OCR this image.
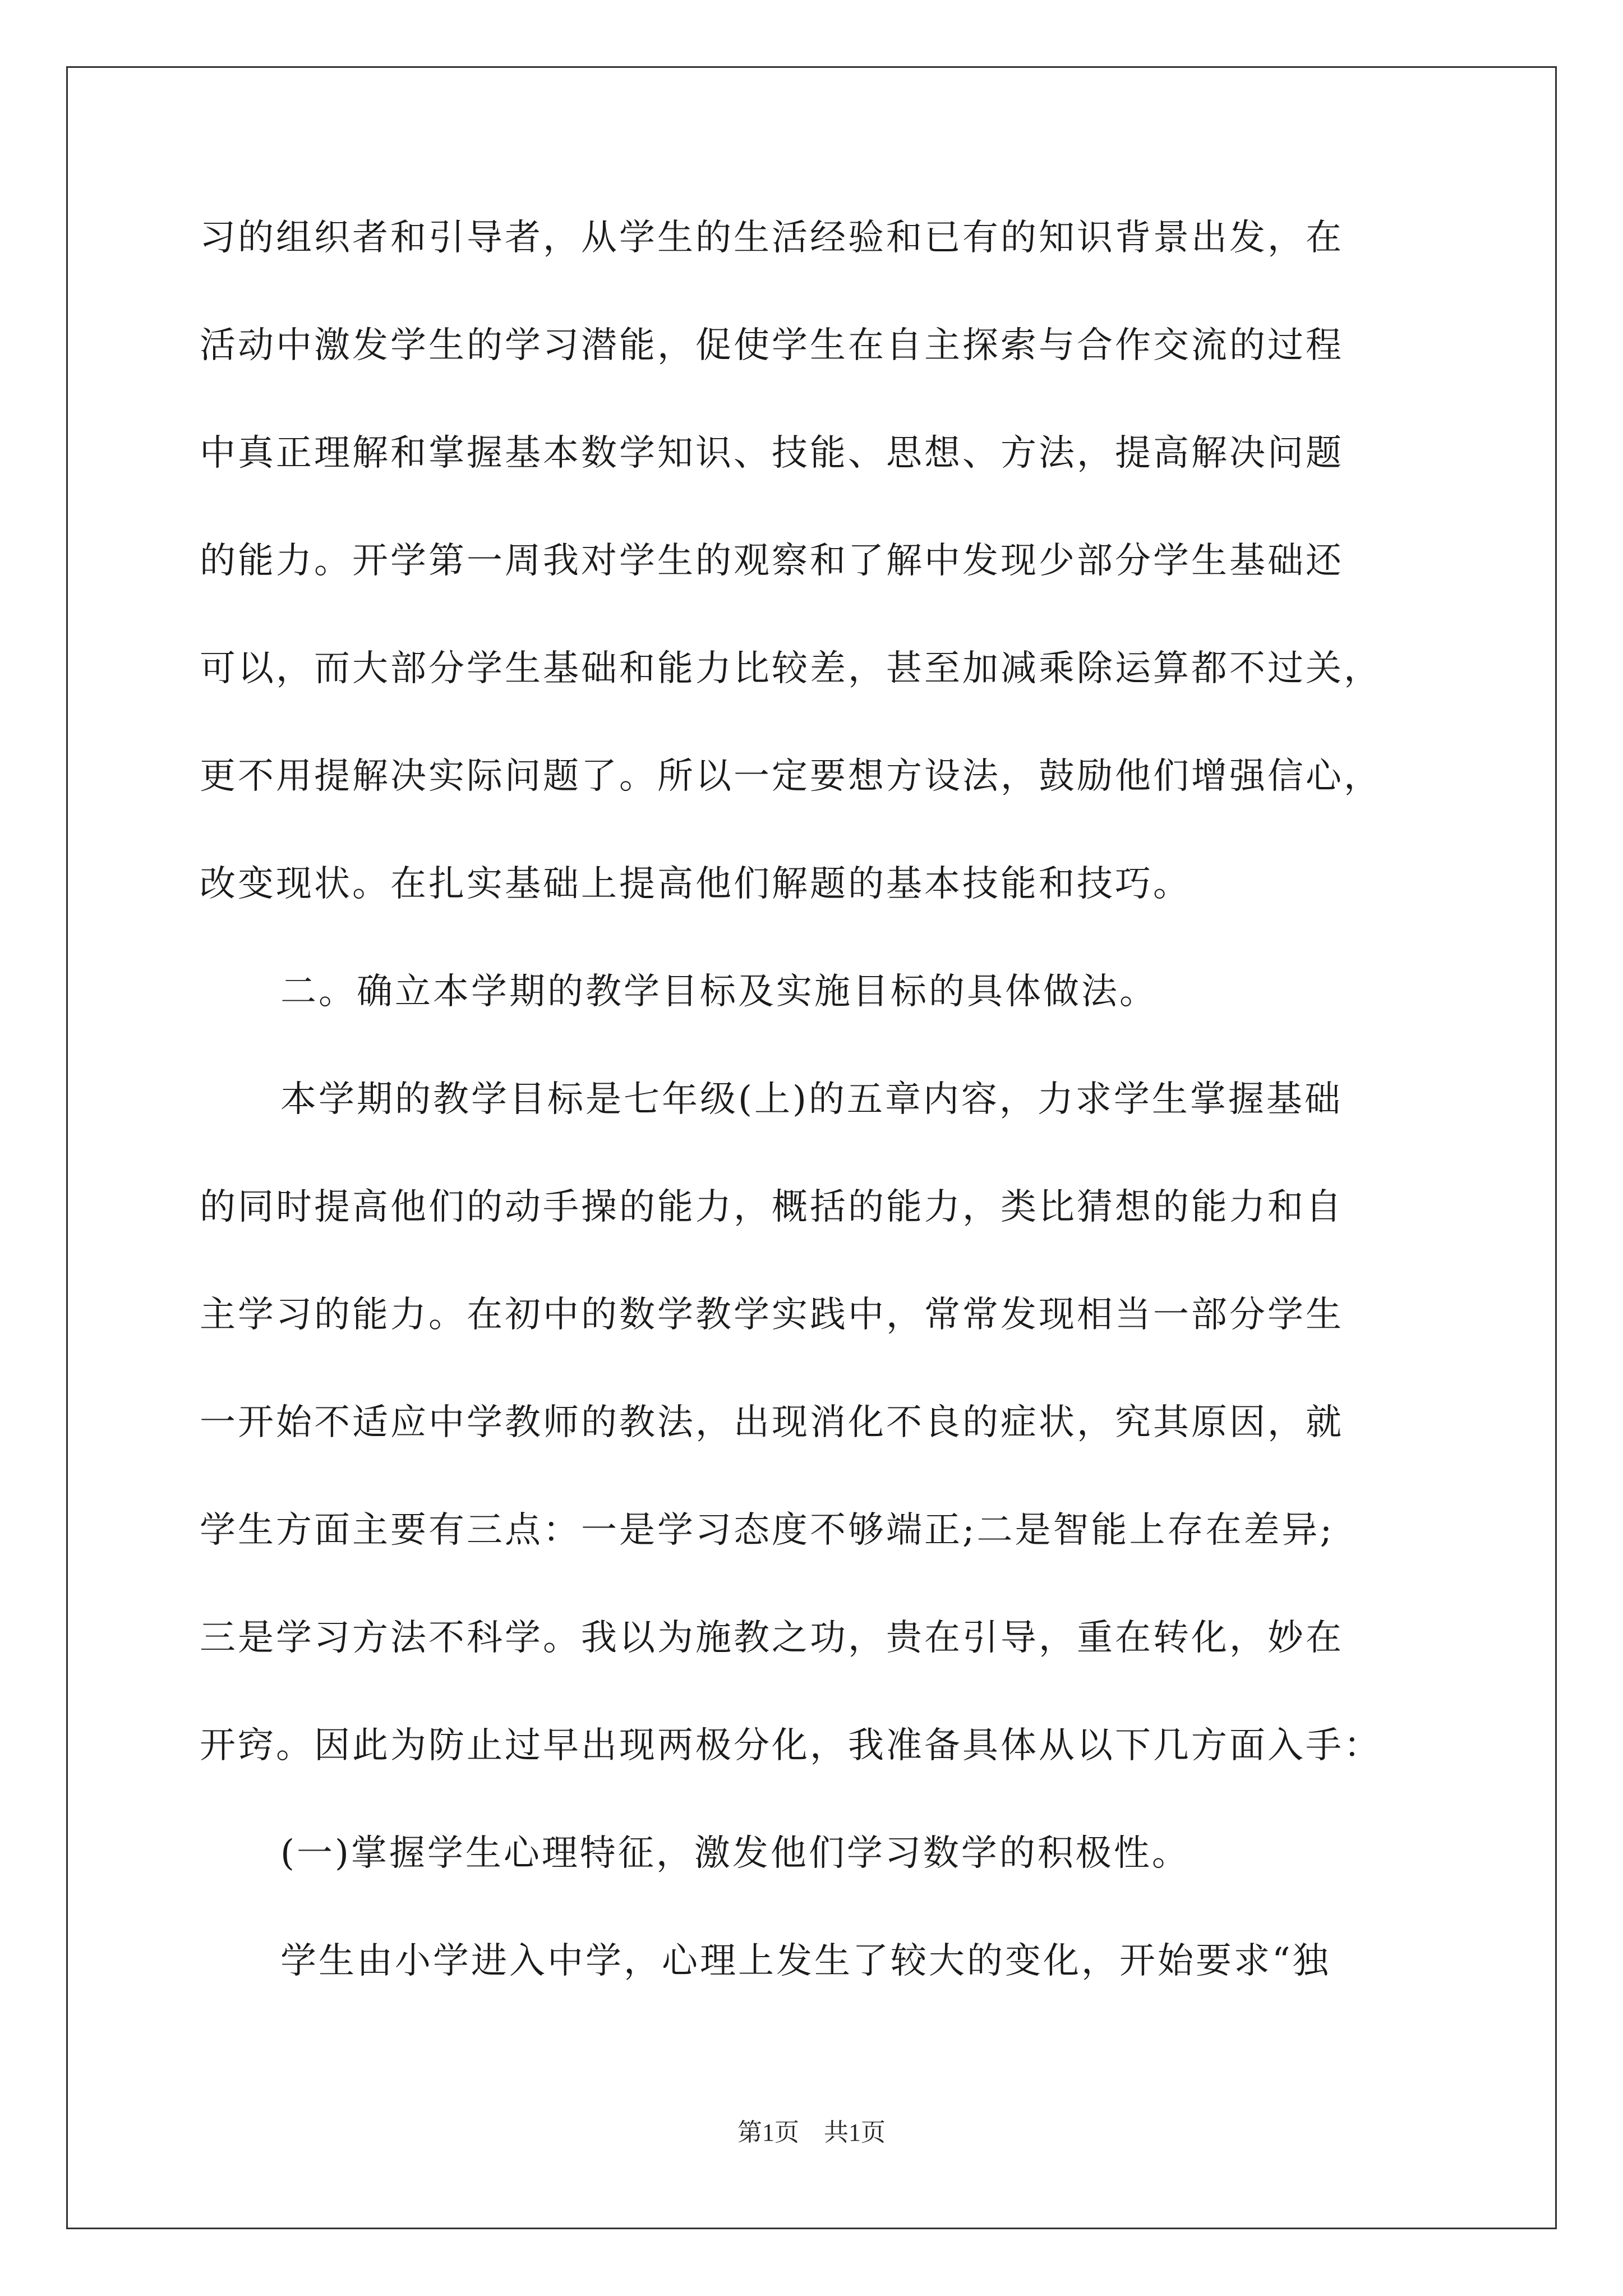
习的组织者和引导者，从学生的生活经验和已有的知识背景出发，在
活动中激发学生的学习潜能，促使学生在自主探索与合作交流的过程
中真正理解和掌握基本数学知识、技能、思想、方法，提高解决问题
的能力。开学第一周我对学生的观察和了解中发现少部分学生基础还
可以，而大部分学生基础和能力比较差，甚至加减乘除运算都不过关，
更不用提解决实际问题了。所以一定要想方设法，鼓励他们增强信心，
改变现状。在扎实基础上提高他们解题的基本技能和技巧。
二。确立本学期的教学目标及实施目标的具体做法。
本学期的教学目标是七年级(上)的五章内容，力求学生掌握基础
的同时提高他们的动手操的能力，概括的能力，类比猜想的能力和自
主学习的能力。在初中的数学教学实践中，常常发现相当一部分学生
一开始不适应中学教师的教法，出现消化不良的症状，究其原因，就
学生方面主要有三点：一是学习态度不够端正;二是智能上存在差异;
三是学习方法不科学。我以为施教之功，贵在引导，重在转化，妙在
开窍。因此为防止过早出现两极分化，我准备具体从以下几方面入手：
(一)掌握学生心理特征，激发他们学习数学的积极性。
学生由小学进入中学，心理上发生了较大的变化，开始要求“独
第1页　共1页
